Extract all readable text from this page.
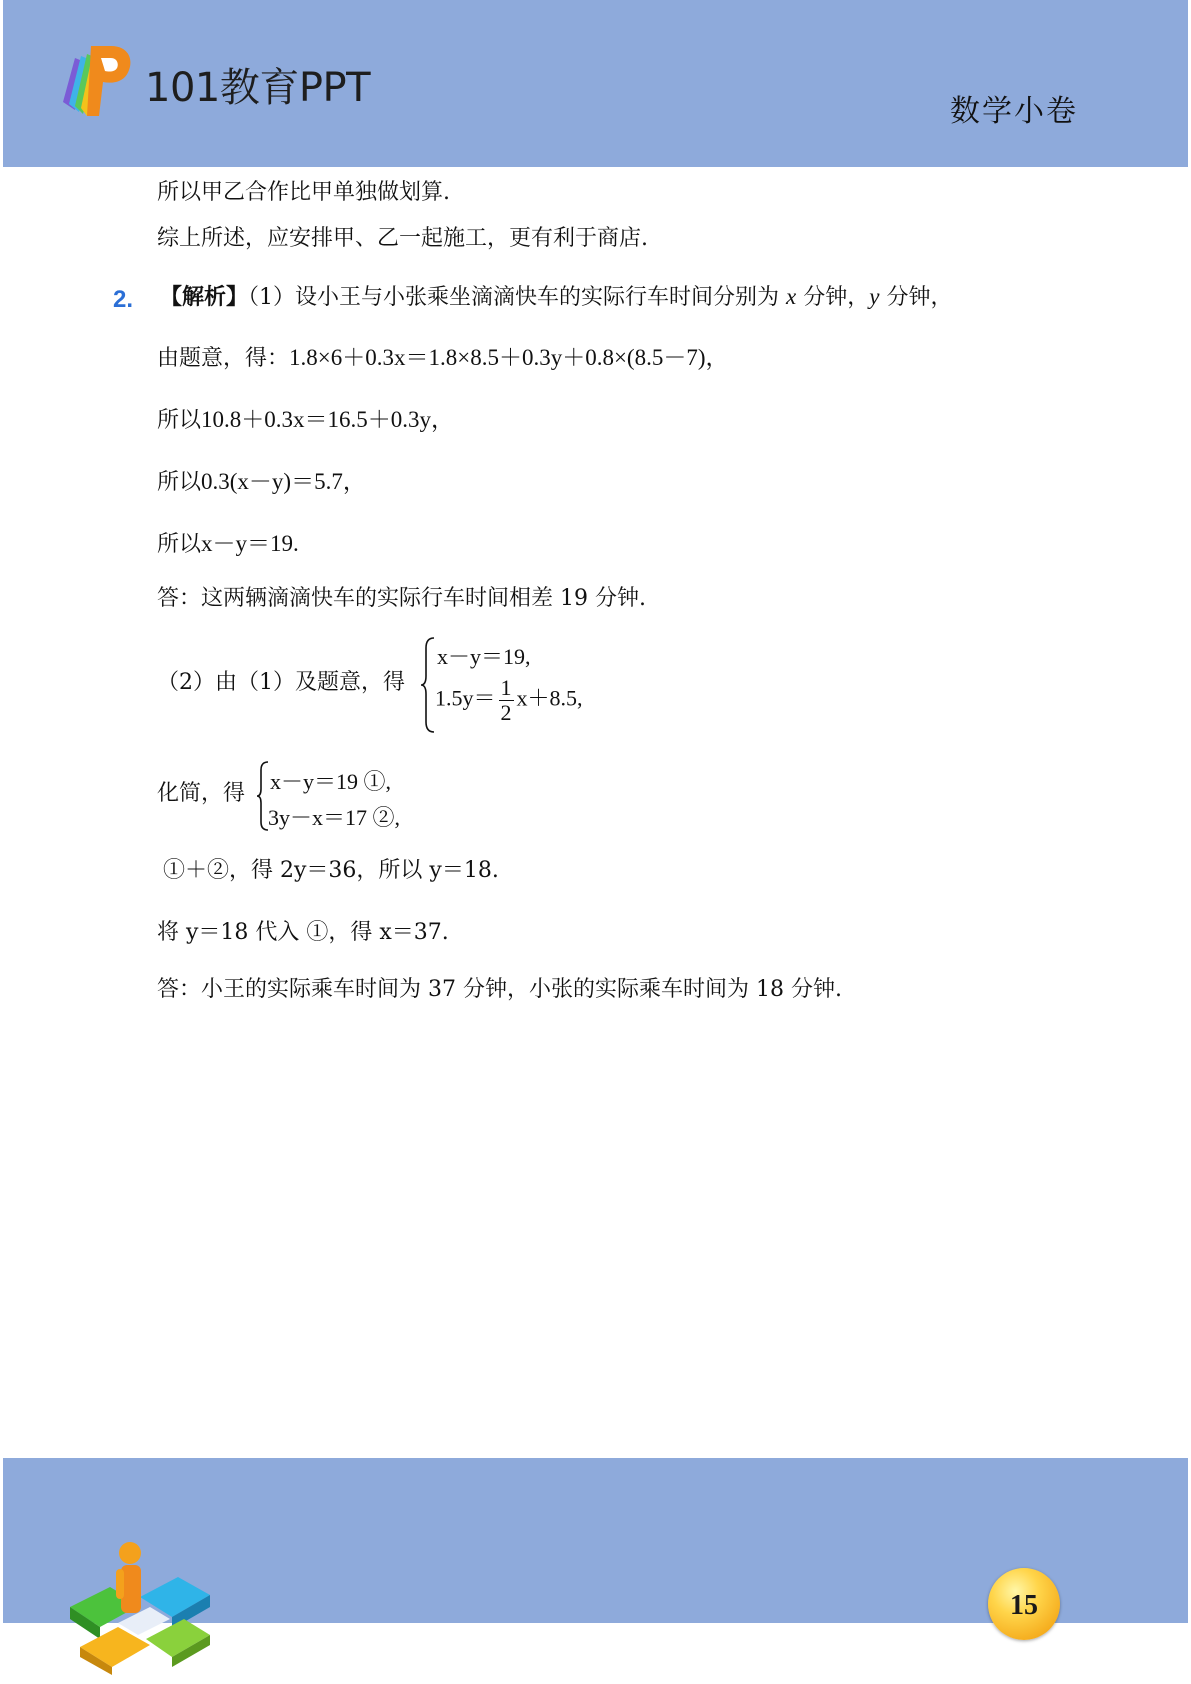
101教育PPT
数学小卷
所以甲乙合作比甲单独做划算.
综上所述，应安排甲、乙一起施工，更有利于商店.
2. 【解析】（1）设小王与小张乘坐滴滴快车的实际行车时间分别为 x 分钟，y 分钟，
由题意，得：1.8×6＋0.3x＝1.8×8.5＋0.3y＋0.8×(8.5－7)，
所以10.8＋0.3x＝16.5＋0.3y，
所以0.3(x－y)＝5.7，
所以x－y＝19.
答：这两辆滴滴快车的实际行车时间相差 19 分钟.
（2）由（1）及题意，得
x－y＝19,
$1.5y= \frac{1}{2} x+8.5$,
化简，得 x－y＝19 ①,
3y－x＝17 ②,
①＋②，得 2y＝36，所以 y＝18.
将 y＝18 代入 ①，得 x＝37.
答：小王的实际乘车时间为 37 分钟，小张的实际乘车时间为 18 分钟.
15
